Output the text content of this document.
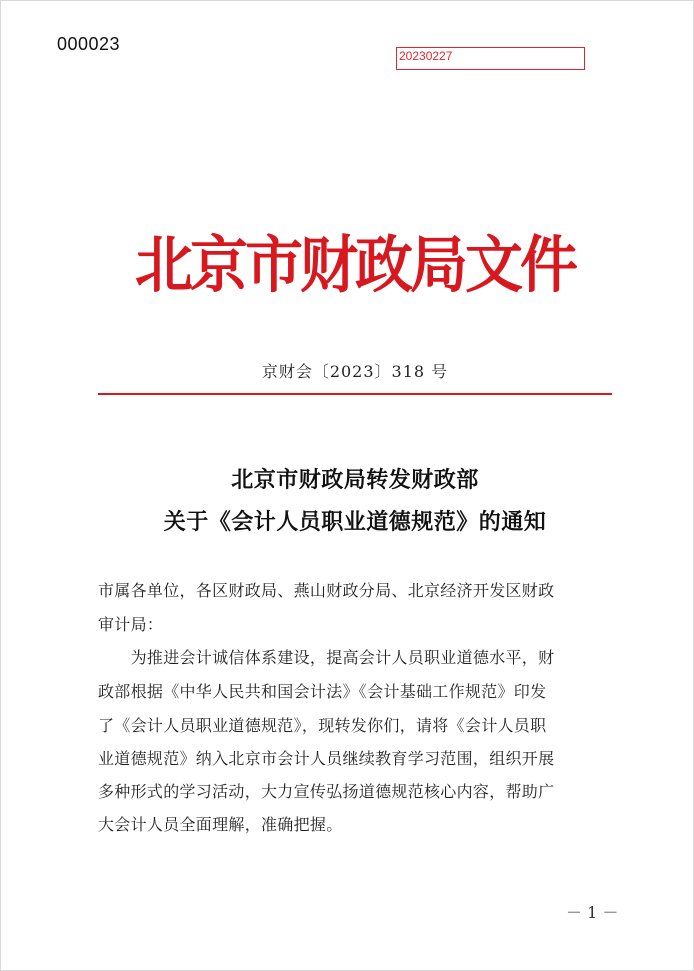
000023
20230227
北京市财政局文件
京财会〔2023〕318 号
北京市财政局转发财政部
关于《会计人员职业道德规范》的通知
市属各单位，各区财政局、燕山财政分局、北京经济开发区财政
审计局：
　　为推进会计诚信体系建设，提高会计人员职业道德水平，财
政部根据《中华人民共和国会计法》《会计基础工作规范》印发
了《会计人员职业道德规范》，现转发你们，请将《会计人员职
业道德规范》纳入北京市会计人员继续教育学习范围，组织开展
多种形式的学习活动，大力宣传弘扬道德规范核心内容，帮助广
大会计人员全面理解，准确把握。
－ 1 －
